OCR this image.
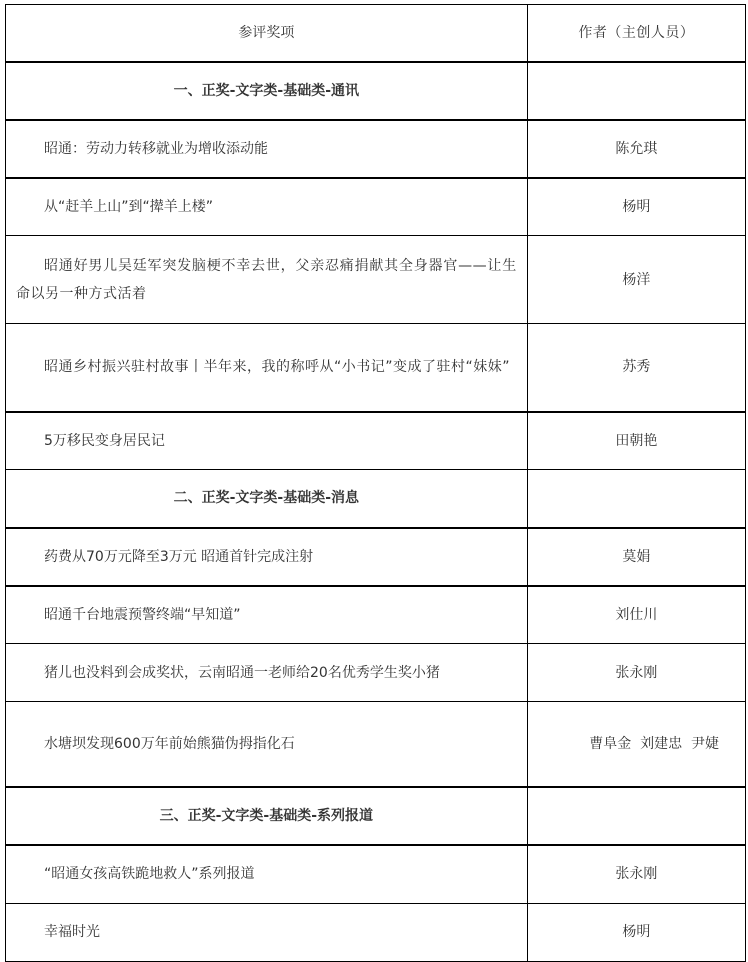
参评奖项	作者（主创人员）
一、正奖-文字类-基础类-通讯	
昭通：劳动力转移就业为增收添动能	陈允琪
从“赶羊上山”到“撵羊上楼”	杨明
昭通好男儿吴廷军突发脑梗不幸去世，父亲忍痛捐献其全身器官——让生命以另一种方式活着	杨洋
昭通乡村振兴驻村故事丨半年来，我的称呼从“小书记”变成了驻村“妹妹”	苏秀
5万移民变身居民记	田朝艳
二、正奖-文字类-基础类-消息	
药费从70万元降至3万元 昭通首针完成注射	莫娟
昭通千台地震预警终端“早知道”	刘仕川
猪儿也没料到会成奖状，云南昭通一老师给20名优秀学生奖小猪	张永刚
水塘坝发现600万年前始熊猫伪拇指化石	曹阜金  刘建忠  尹婕

三、正奖-文字类-基础类-系列报道	
“昭通女孩高铁跪地救人”系列报道	张永刚
幸福时光	杨明
